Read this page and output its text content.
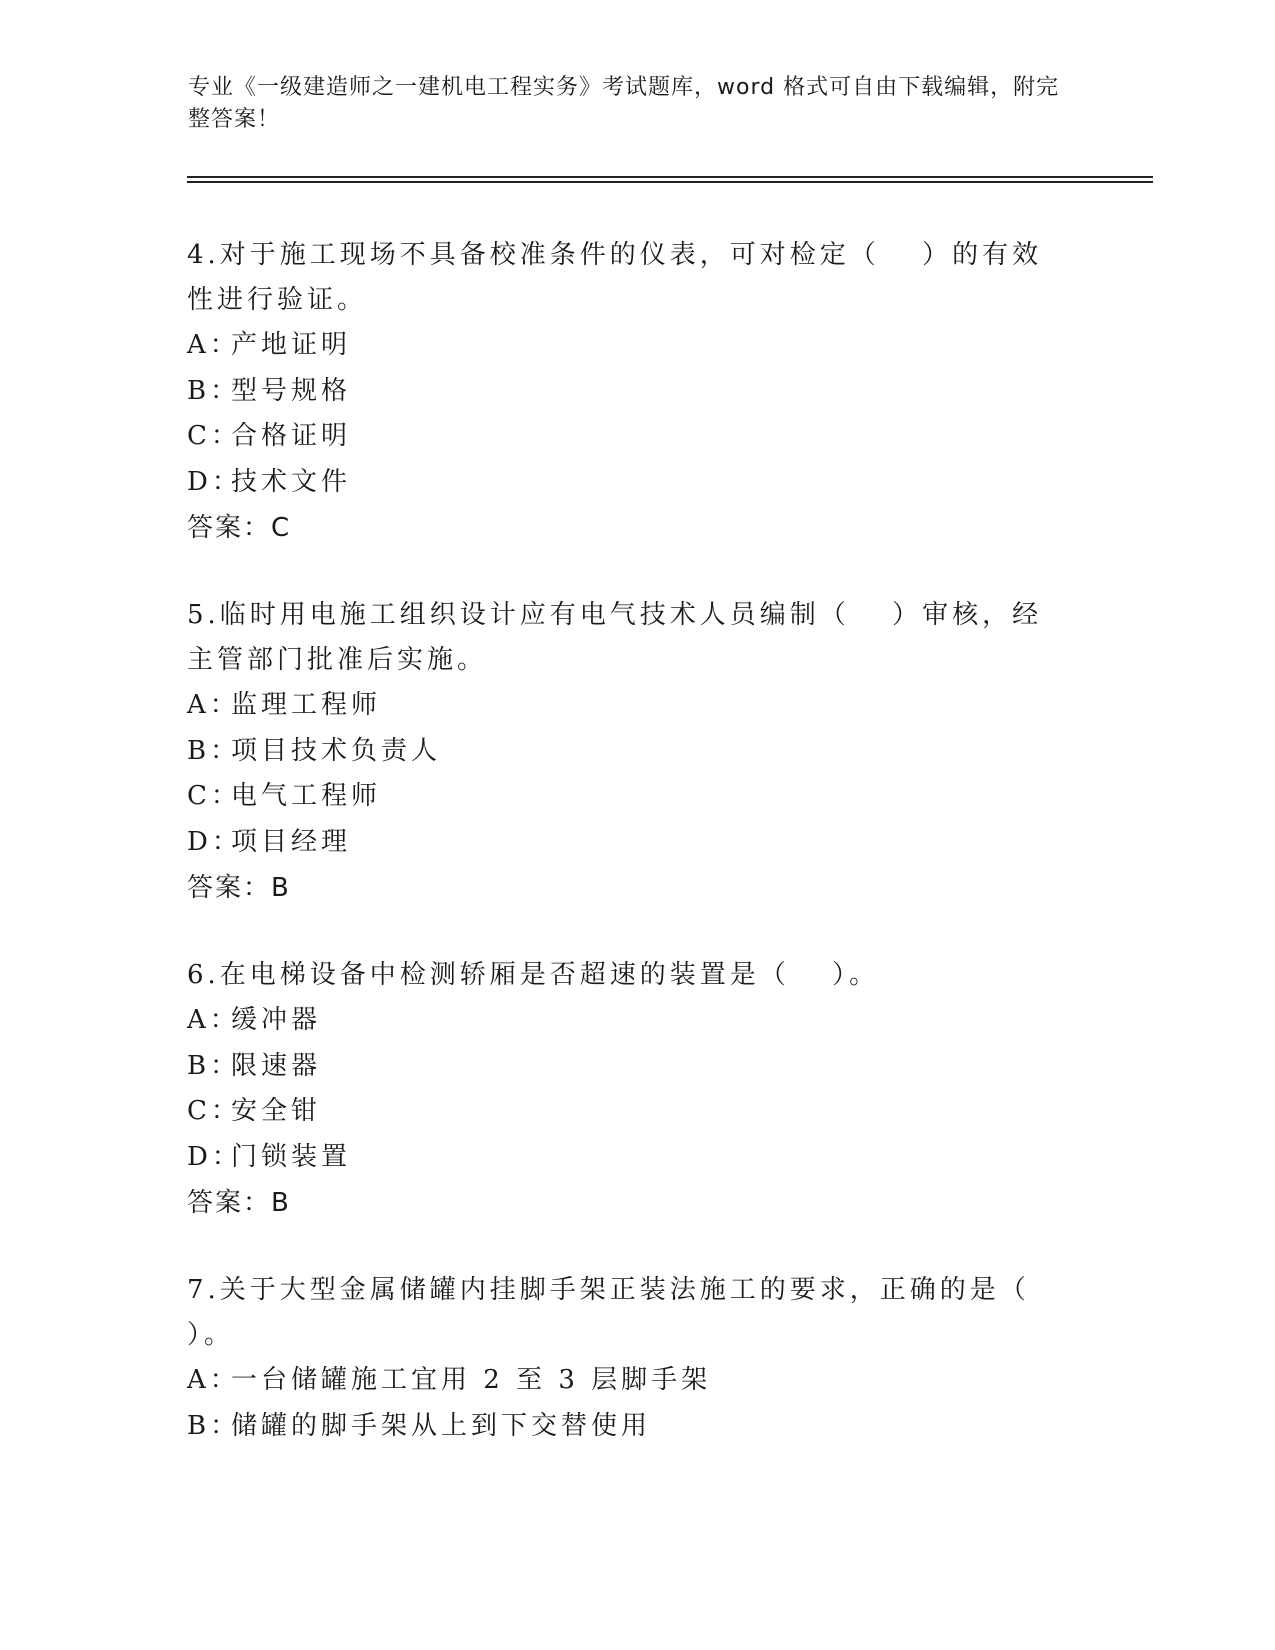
专业《一级建造师之一建机电工程实务》考试题库，word 格式可自由下载编辑，附完整答案！
4.对于施工现场不具备校准条件的仪表，可对检定（　 ）的有效性进行验证。
A：产地证明
B：型号规格
C：合格证明
D：技术文件
答案：C
5.临时用电施工组织设计应有电气技术人员编制（　 ）审核，经主管部门批准后实施。
A：监理工程师
B：项目技术负责人
C：电气工程师
D：项目经理
答案：B
6.在电梯设备中检测轿厢是否超速的装置是（　 ）。
A：缓冲器
B：限速器
C：安全钳
D：门锁装置
答案：B
7.关于大型金属储罐内挂脚手架正装法施工的要求，正确的是（　 ）。
A：一台储罐施工宜用 2 至 3 层脚手架
B：储罐的脚手架从上到下交替使用
